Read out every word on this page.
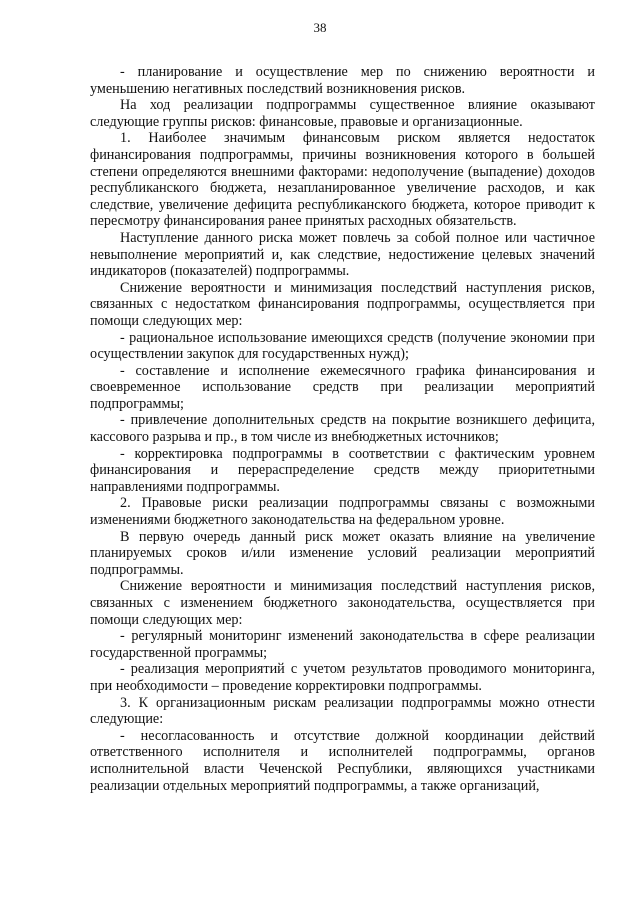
38

- планирование и осуществление мер по снижению вероятности и уменьшению негативных последствий возникновения рисков.

На ход реализации подпрограммы существенное влияние оказывают следующие группы рисков: финансовые, правовые и организационные.

1. Наиболее значимым финансовым риском является недостаток финансирования подпрограммы, причины возникновения которого в большей степени определяются внешними факторами: недополучение (выпадение) доходов республиканского бюджета, незапланированное увеличение расходов, и как следствие, увеличение дефицита республиканского бюджета, которое приводит к пересмотру финансирования ранее принятых расходных обязательств.

Наступление данного риска может повлечь за собой полное или частичное невыполнение мероприятий и, как следствие, недостижение целевых значений индикаторов (показателей) подпрограммы.

Снижение вероятности и минимизация последствий наступления рисков, связанных с недостатком финансирования подпрограммы, осуществляется при помощи следующих мер:

- рациональное использование имеющихся средств (получение экономии при осуществлении закупок для государственных нужд);

- составление и исполнение ежемесячного графика финансирования и своевременное использование средств при реализации мероприятий подпрограммы;

- привлечение дополнительных средств на покрытие возникшего дефицита, кассового разрыва и пр., в том числе из внебюджетных источников;

- корректировка подпрограммы в соответствии с фактическим уровнем финансирования и перераспределение средств между приоритетными направлениями подпрограммы.

2. Правовые риски реализации подпрограммы связаны с возможными изменениями бюджетного законодательства на федеральном уровне.

В первую очередь данный риск может оказать влияние на увеличение планируемых сроков и/или изменение условий реализации мероприятий подпрограммы.

Снижение вероятности и минимизация последствий наступления рисков, связанных с изменением бюджетного законодательства, осуществляется при помощи следующих мер:

- регулярный мониторинг изменений законодательства в сфере реализации государственной программы;

- реализация мероприятий с учетом результатов проводимого мониторинга, при необходимости – проведение корректировки подпрограммы.

3. К организационным рискам реализации подпрограммы можно отнести следующие:

- несогласованность и отсутствие должной координации действий ответственного исполнителя и исполнителей подпрограммы, органов исполнительной власти Чеченской Республики, являющихся участниками реализации отдельных мероприятий подпрограммы, а также организаций,
